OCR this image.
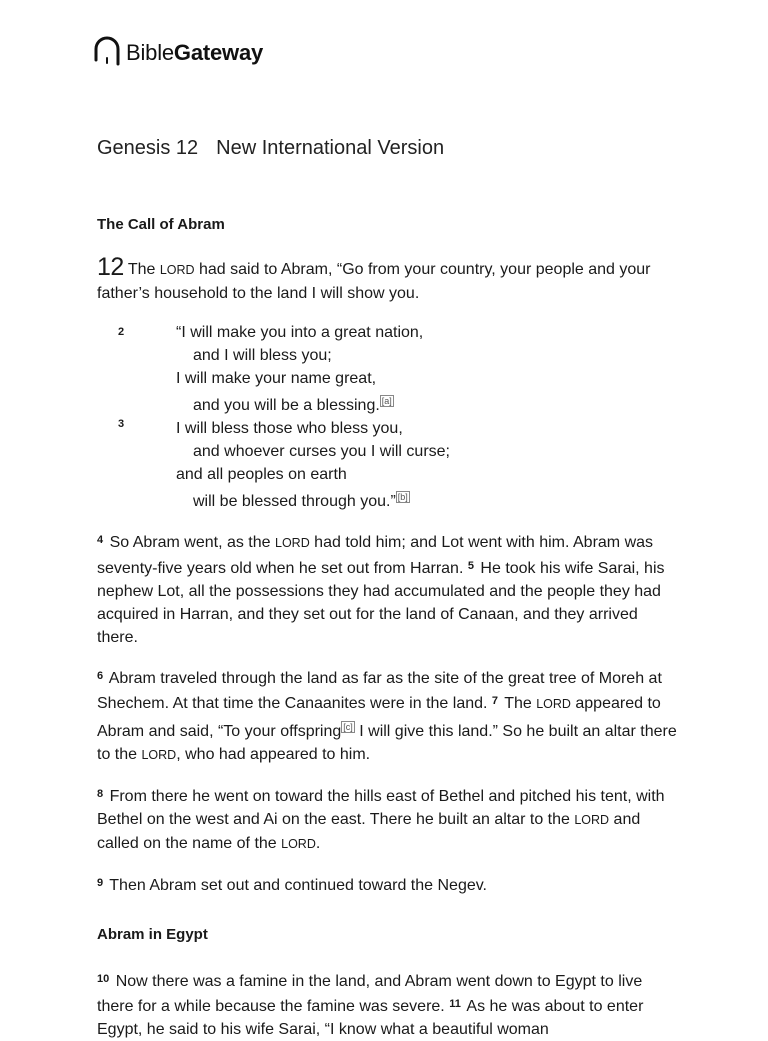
BibleGateway
Genesis 12 New International Version
The Call of Abram

12 The LORD had said to Abram, “Go from your country, your people and your father’s household to the land I will show you.

2
3
“I will make you into a great nation,
and I will bless you;
I will make your name great,
and you will be a blessing. [a]
I will bless those who bless you,
and whoever curses you I will curse;
and all peoples on earth
will be blessed through you.” [b]

$^4$ So Abram went, as the LORD had told him; and Lot went with him. Abram was seventy-five years old when he set out from Harran. $^5$ He took his wife Sarai, his nephew Lot, all the possessions they had accumulated and the people they had acquired in Harran, and they set out for the land of Canaan, and they arrived there.

$^6$ Abram traveled through the land as far as the site of the great tree of Moreh at Shechem. At that time the Canaanites were in the land. $^7$ The LORD appeared to Abram and said, “To your offspring [c] I will give this land.” So he built an altar there to the LORD, who had appeared to him.

$^8$ From there he went on toward the hills east of Bethel and pitched his tent, with Bethel on the west and Ai on the east. There he built an altar to the LORD and called on the name of the LORD.

$^9$ Then Abram set out and continued toward the Negev.

Abram in Egypt

$^{10}$ Now there was a famine in the land, and Abram went down to Egypt to live there for a while because the famine was severe. $^{11}$ As he was about to enter Egypt, he said to his wife Sarai, “I know what a beautiful woman
